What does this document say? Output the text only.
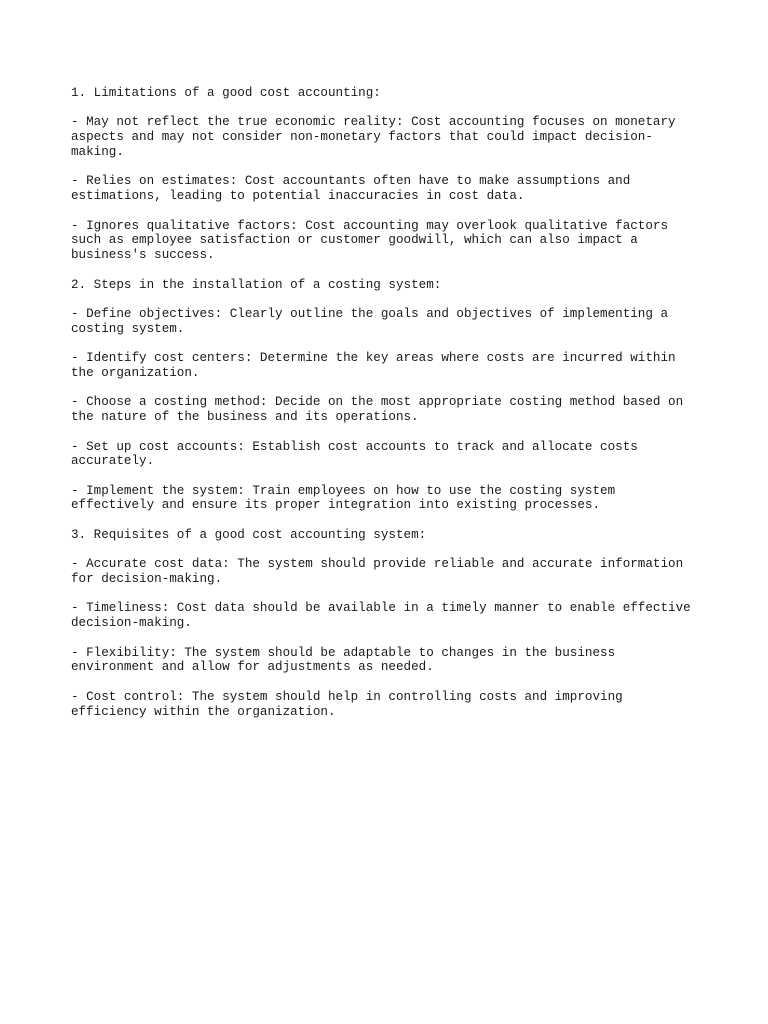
1. Limitations of a good cost accounting:

- May not reflect the true economic reality: Cost accounting focuses on monetary
aspects and may not consider non-monetary factors that could impact decision-
making.

- Relies on estimates: Cost accountants often have to make assumptions and
estimations, leading to potential inaccuracies in cost data.

- Ignores qualitative factors: Cost accounting may overlook qualitative factors
such as employee satisfaction or customer goodwill, which can also impact a
business's success.

2. Steps in the installation of a costing system:

- Define objectives: Clearly outline the goals and objectives of implementing a
costing system.

- Identify cost centers: Determine the key areas where costs are incurred within
the organization.

- Choose a costing method: Decide on the most appropriate costing method based on
the nature of the business and its operations.

- Set up cost accounts: Establish cost accounts to track and allocate costs
accurately.

- Implement the system: Train employees on how to use the costing system
effectively and ensure its proper integration into existing processes.

3. Requisites of a good cost accounting system:

- Accurate cost data: The system should provide reliable and accurate information
for decision-making.

- Timeliness: Cost data should be available in a timely manner to enable effective
decision-making.

- Flexibility: The system should be adaptable to changes in the business
environment and allow for adjustments as needed.

- Cost control: The system should help in controlling costs and improving
efficiency within the organization.
